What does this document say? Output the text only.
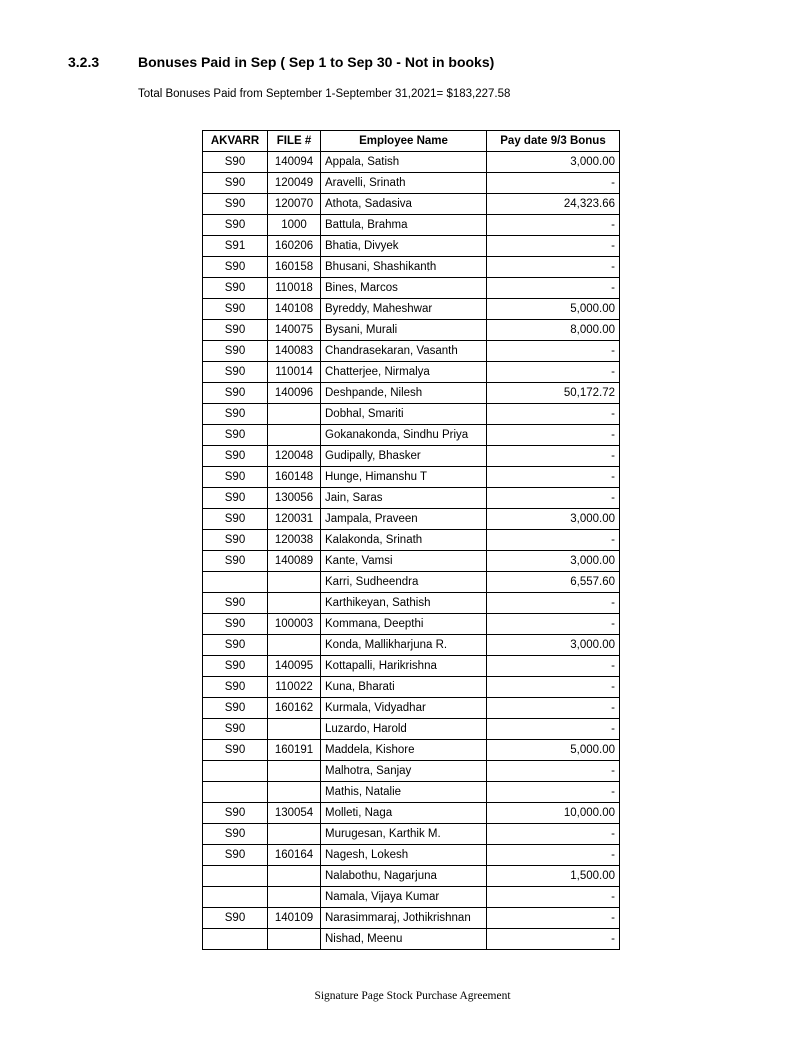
3.2.3	Bonuses Paid in Sep ( Sep 1 to Sep 30 - Not in books)
Total Bonuses Paid from September 1-September 31,2021= $183,227.58
AKVARR	FILE #	Employee Name	Pay date 9/3 Bonus
S90	140094	Appala, Satish	3,000.00
S90	120049	Aravelli, Srinath	-
S90	120070	Athota, Sadasiva	24,323.66
S90	1000	Battula, Brahma	-
S91	160206	Bhatia, Divyek	-
S90	160158	Bhusani, Shashikanth	-
S90	110018	Bines, Marcos	-
S90	140108	Byreddy, Maheshwar	5,000.00
S90	140075	Bysani, Murali	8,000.00
S90	140083	Chandrasekaran, Vasanth	-
S90	110014	Chatterjee, Nirmalya	-
S90	140096	Deshpande, Nilesh	50,172.72
S90		Dobhal, Smariti	-
S90		Gokanakonda, Sindhu Priya	-
S90	120048	Gudipally, Bhasker	-
S90	160148	Hunge, Himanshu T	-
S90	130056	Jain, Saras	-
S90	120031	Jampala, Praveen	3,000.00
S90	120038	Kalakonda, Srinath	-
S90	140089	Kante, Vamsi	3,000.00
		Karri, Sudheendra	6,557.60
S90		Karthikeyan, Sathish	-
S90	100003	Kommana, Deepthi	-
S90		Konda, Mallikharjuna R.	3,000.00
S90	140095	Kottapalli, Harikrishna	-
S90	110022	Kuna, Bharati	-
S90	160162	Kurmala, Vidyadhar	-
S90		Luzardo, Harold	-
S90	160191	Maddela, Kishore	5,000.00
		Malhotra, Sanjay	-
		Mathis, Natalie	-
S90	130054	Molleti, Naga	10,000.00
S90		Murugesan, Karthik M.	-
S90	160164	Nagesh, Lokesh	-
		Nalabothu, Nagarjuna	1,500.00
		Namala, Vijaya Kumar	-
S90	140109	Narasimmaraj, Jothikrishnan	-
		Nishad, Meenu	-
Signature Page Stock Purchase Agreement
